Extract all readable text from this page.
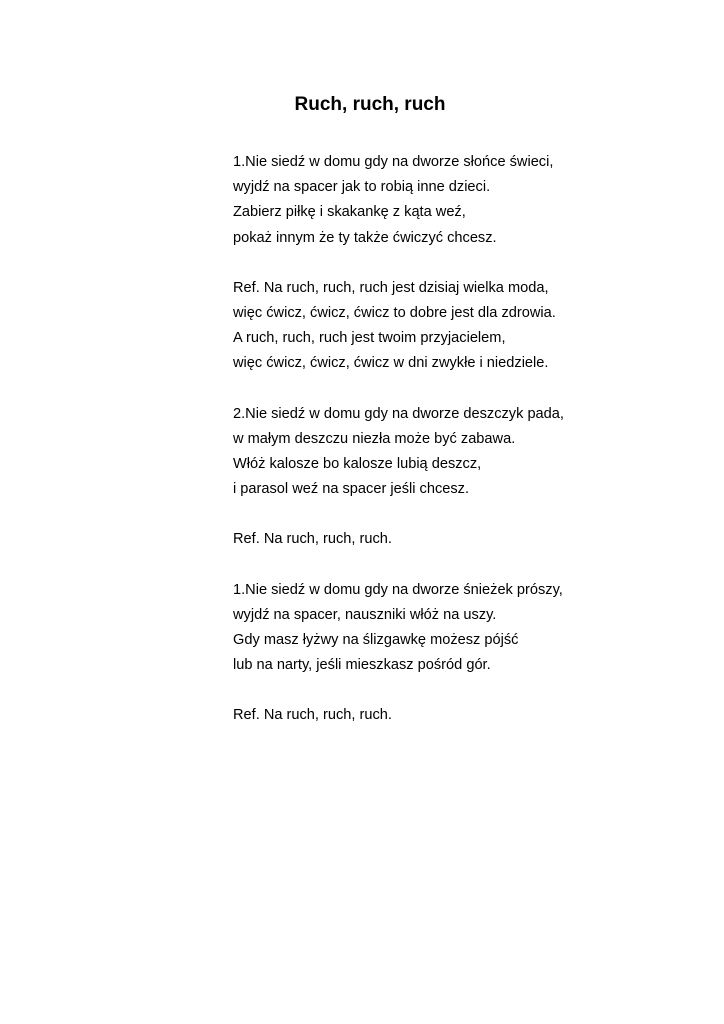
Ruch, ruch, ruch
1.Nie siedź w domu gdy na dworze słońce świeci,
wyjdź na spacer jak to robią inne dzieci.
Zabierz piłkę i skakankę z kąta weź,
pokaż innym że ty także ćwiczyć chcesz.
Ref. Na ruch, ruch, ruch jest dzisiaj wielka moda,
więc ćwicz, ćwicz, ćwicz to dobre jest dla zdrowia.
A ruch, ruch, ruch jest twoim przyjacielem,
więc ćwicz, ćwicz, ćwicz w dni zwykłe i niedziele.
2.Nie siedź w domu gdy na dworze deszczyk pada,
w małym deszczu niezła może być zabawa.
Włóż kalosze bo kalosze lubią deszcz,
i parasol weź na spacer jeśli chcesz.
Ref. Na ruch, ruch, ruch.
1.Nie siedź w domu gdy na dworze śnieżek prószy,
wyjdź na spacer, nauszniki włóż na uszy.
Gdy masz łyżwy na ślizgawkę możesz pójść
lub na narty, jeśli mieszkasz pośród gór.
Ref. Na ruch, ruch, ruch.
